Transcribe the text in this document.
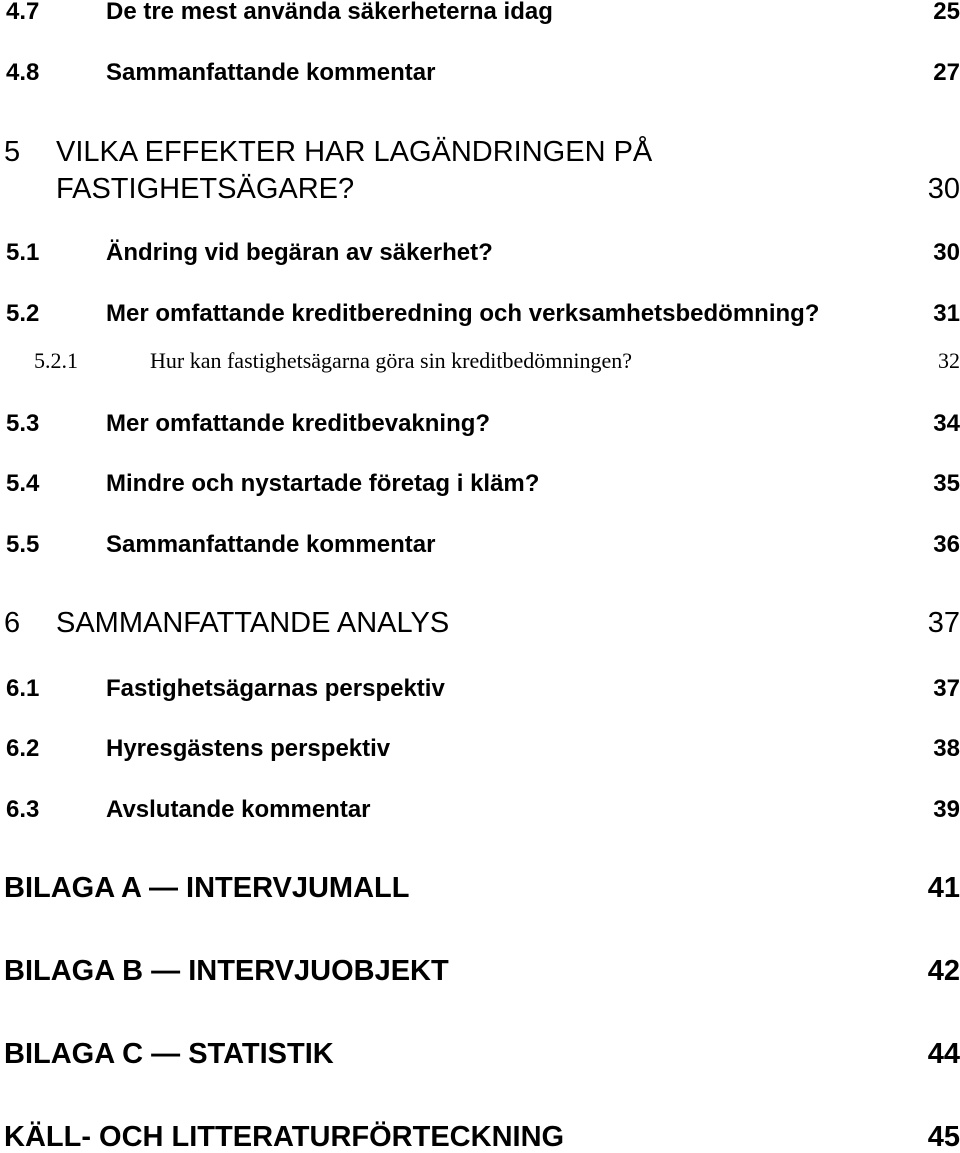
4.7	De tre mest använda säkerheterna idag	25
4.8	Sammanfattande kommentar	27
5 VILKA EFFEKTER HAR LAGÄNDRINGEN PÅ
FASTIGHETSÄGARE?	30
5.1	Ändring vid begäran av säkerhet?	30
5.2	Mer omfattande kreditberedning och verksamhetsbedömning?	31
5.2.1	Hur kan fastighetsägarna göra sin kreditbedömningen?	32
5.3	Mer omfattande kreditbevakning?	34
5.4	Mindre och nystartade företag i kläm?	35
5.5	Sammanfattande kommentar	36
6 SAMMANFATTANDE ANALYS	37
6.1	Fastighetsägarnas perspektiv	37
6.2	Hyresgästens perspektiv	38
6.3	Avslutande kommentar	39
BILAGA A — INTERVJUMALL	41
BILAGA B — INTERVJUOBJEKT	42
BILAGA C — STATISTIK	44
KÄLL- OCH LITTERATURFÖRTECKNING	45
